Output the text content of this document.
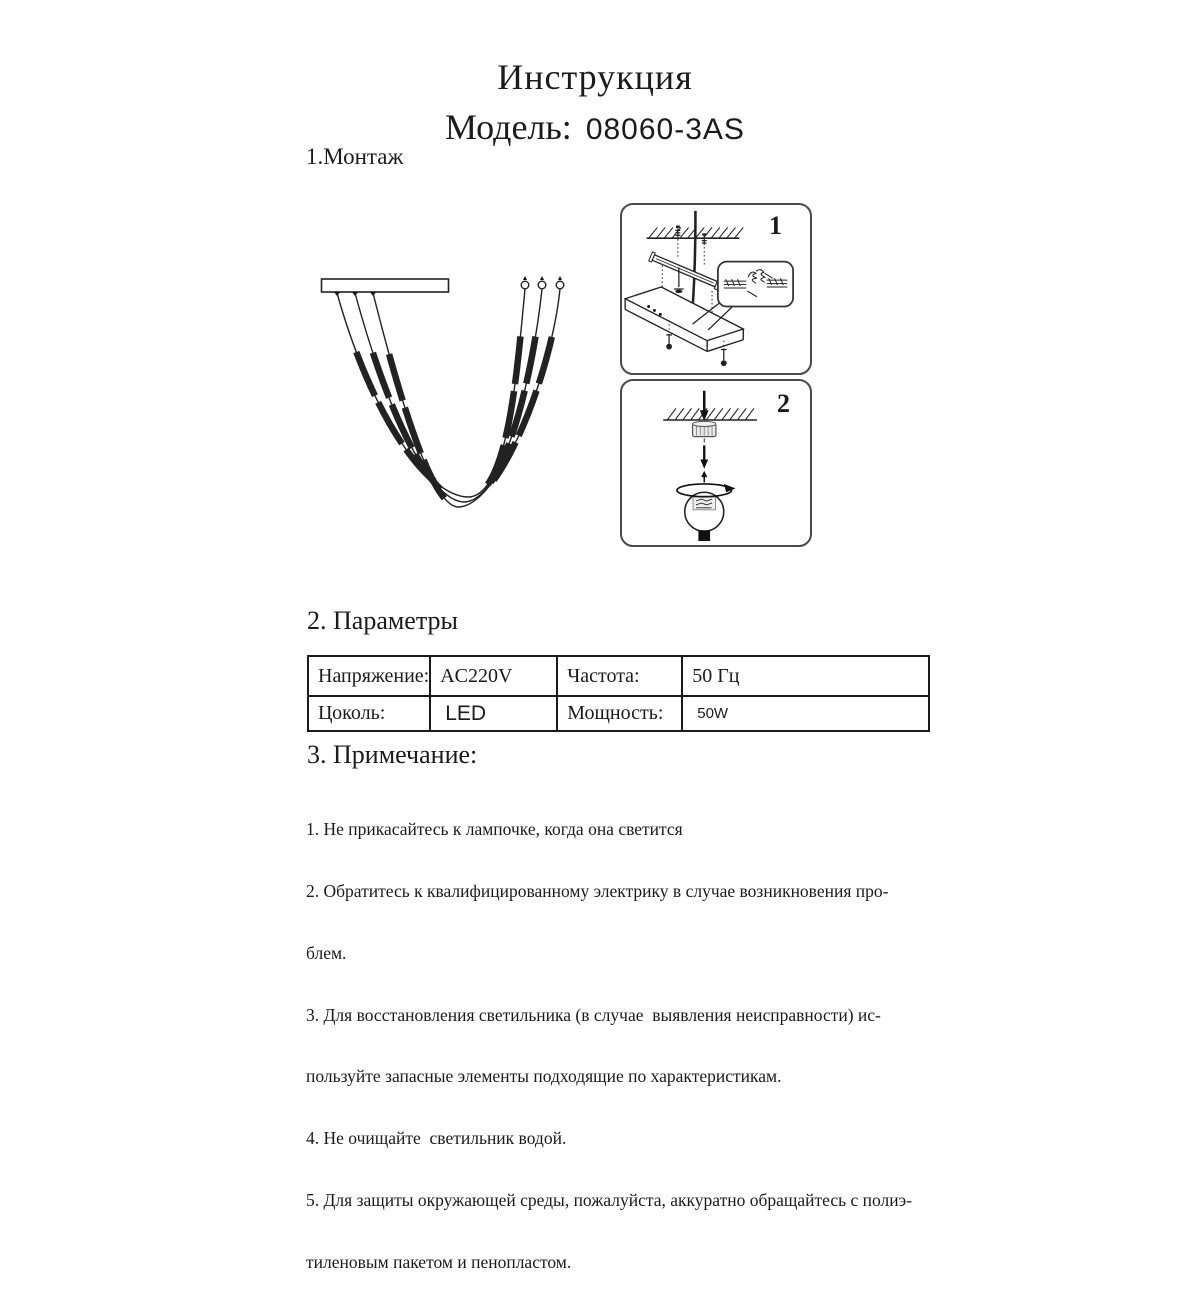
Инструкция
Модель: 08060-3AS
1.Монтаж
1
2
2. Параметры
Напряжение:	AC220V	Частота:	50 Гц
Цоколь:	LED	Мощность:	50W
3. Примечание:

1. Не прикасайтесь к лампочке, когда она светится

2. Обратитесь к квалифицированному электрику в случае возникновения про-

блем.

3. Для восстановления светильника (в случае  выявления неисправности) ис-

пользуйте запасные элементы подходящие по характеристикам.

4. Не очищайте  светильник водой.

5. Для защиты окружающей среды, пожалуйста, аккуратно обращайтесь с полиэ-

тиленовым пакетом и пенопластом.
